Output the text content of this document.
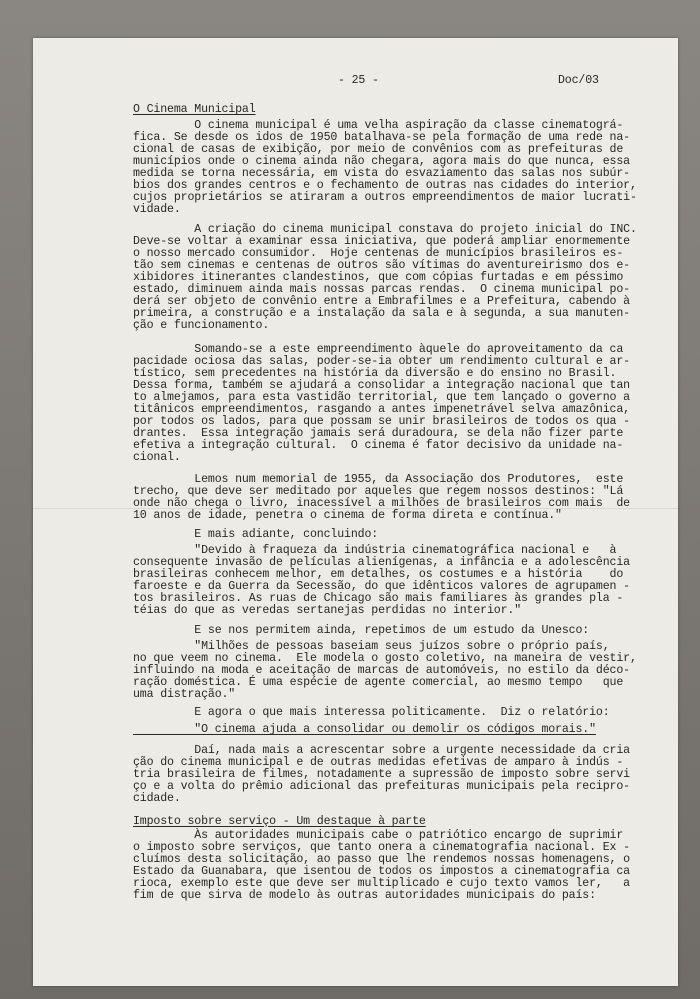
- 25 -	Doc/03
O Cinema Municipal
O cinema municipal é uma velha aspiração da classe cinematográ-
fica. Se desde os idos de 1950 batalhava-se pela formação de uma rede na-
cional de casas de exibição, por meio de convênios com as prefeituras de
municípios onde o cinema ainda não chegara, agora mais do que nunca, essa
medida se torna necessária, em vista do esvaziamento das salas nos subúr-
bios dos grandes centros e o fechamento de outras nas cidades do interior,
cujos proprietários se atiraram a outros empreendimentos de maior lucrati-
vidade.
A criação do cinema municipal constava do projeto inicial do INC.
Deve-se voltar a examinar essa iniciativa, que poderá ampliar enormemente
o nosso mercado consumidor.  Hoje centenas de municípios brasileiros es-
tão sem cinemas e centenas de outros são vítimas do aventureirismo dos e-
xibidores itinerantes clandestinos, que com cópias furtadas e em péssimo
estado, diminuem ainda mais nossas parcas rendas.  O cinema municipal po-
derá ser objeto de convênio entre a Embrafilmes e a Prefeitura, cabendo à
primeira, a construção e a instalação da sala e à segunda, a sua manuten-
ção e funcionamento.
Somando-se a este empreendimento àquele do aproveitamento da ca
pacidade ociosa das salas, poder-se-ia obter um rendimento cultural e ar-
tístico, sem precedentes na história da diversão e do ensino no Brasil.
Dessa forma, também se ajudará a consolidar a integração nacional que tan
to almejamos, para esta vastidão territorial, que tem lançado o governo a
titânicos empreendimentos, rasgando a antes impenetrável selva amazônica,
por todos os lados, para que possam se unir brasileiros de todos os qua -
drantes.  Essa integração jamais será duradoura, se dela não fizer parte
efetiva a integração cultural.  O cinema é fator decisivo da unidade na-
cional.
Lemos num memorial de 1955, da Associação dos Produtores,  este
trecho, que deve ser meditado por aqueles que regem nossos destinos: "Lá
onde não chega o livro, inacessível a milhões de brasileiros com mais  de
10 anos de idade, penetra o cinema de forma direta e contínua."
E mais adiante, concluindo:
"Devido à fraqueza da indústria cinematográfica nacional e   à
consequente invasão de películas alienígenas, a infância e a adolescência
brasileiras conhecem melhor, em detalhes, os costumes e a história    do
faroeste e da Guerra da Secessão, do que idênticos valores de agrupamen -
tos brasileiros. As ruas de Chicago são mais familiares às grandes pla -
téias do que as veredas sertanejas perdidas no interior."
E se nos permitem ainda, repetimos de um estudo da Unesco:
"Milhões de pessoas baseiam seus juízos sobre o próprio país,
no que veem no cinema.  Ele modela o gosto coletivo, na maneira de vestir,
influindo na moda e aceitação de marcas de automóveis, no estilo da déco-
ração doméstica. É uma espécie de agente comercial, ao mesmo tempo   que
uma distração."
E agora o que mais interessa politicamente.  Diz o relatório:
"O cinema ajuda a consolidar ou demolir os códigos morais."
Daí, nada mais a acrescentar sobre a urgente necessidade da cria
ção do cinema municipal e de outras medidas efetivas de amparo à indús -
tria brasileira de filmes, notadamente a supressão de imposto sobre servi
ço e a volta do prêmio adicional das prefeituras municipais pela recipro-
cidade.
Imposto sobre serviço - Um destaque à parte
Às autoridades municipais cabe o patriótico encargo de suprimir
o imposto sobre serviços, que tanto onera a cinematografia nacional. Ex -
cluímos desta solicitação, ao passo que lhe rendemos nossas homenagens, o
Estado da Guanabara, que isentou de todos os impostos a cinematografia ca
rioca, exemplo este que deve ser multiplicado e cujo texto vamos ler,   a
fim de que sirva de modelo às outras autoridades municipais do país:
